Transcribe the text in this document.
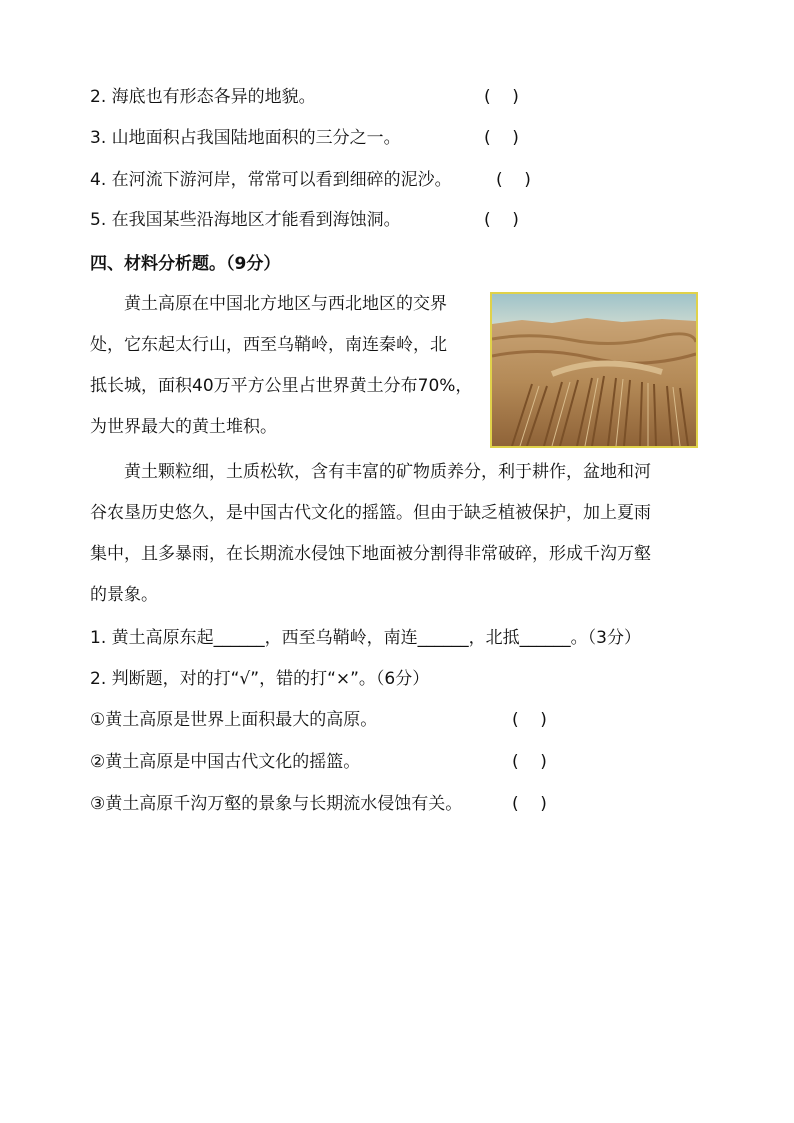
2. 海底也有形态各异的地貌。	(    )
3. 山地面积占我国陆地面积的三分之一。	(    )
4. 在河流下游河岸，常常可以看到细碎的泥沙。	(    )
5. 在我国某些沿海地区才能看到海蚀洞。	(    )
四、材料分析题。（9分）
黄土高原在中国北方地区与西北地区的交界
处，它东起太行山，西至乌鞘岭，南连秦岭，北
抵长城，面积40万平方公里占世界黄土分布70%，
为世界最大的黄土堆积。
黄土颗粒细，土质松软，含有丰富的矿物质养分，利于耕作，盆地和河
谷农垦历史悠久，是中国古代文化的摇篮。但由于缺乏植被保护，加上夏雨
集中，且多暴雨，在长期流水侵蚀下地面被分割得非常破碎，形成千沟万壑
的景象。
1. 黄土高原东起______，西至乌鞘岭，南连______，北抵______。（3分）
2. 判断题，对的打“√”，错的打“×”。（6分）
①黄土高原是世界上面积最大的高原。	(    )
②黄土高原是中国古代文化的摇篮。	(    )
③黄土高原千沟万壑的景象与长期流水侵蚀有关。	(    )
